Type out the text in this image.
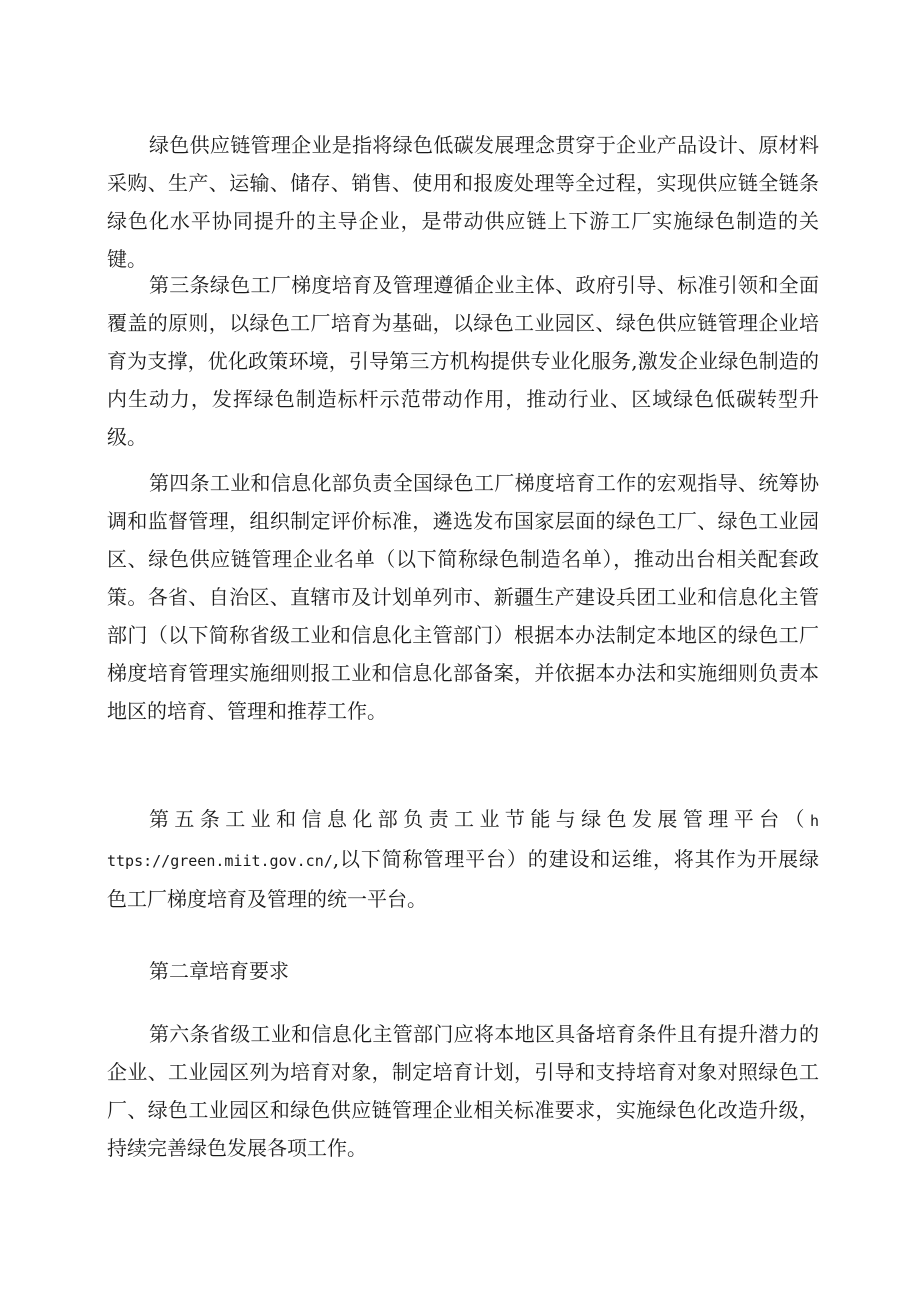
绿色供应链管理企业是指将绿色低碳发展理念贯穿于企业产品设计、原材料采购、生产、运输、储存、销售、使用和报废处理等全过程，实现供应链全链条绿色化水平协同提升的主导企业，是带动供应链上下游工厂实施绿色制造的关键。

第三条绿色工厂梯度培育及管理遵循企业主体、政府引导、标准引领和全面覆盖的原则，以绿色工厂培育为基础，以绿色工业园区、绿色供应链管理企业培育为支撑，优化政策环境，引导第三方机构提供专业化服务,激发企业绿色制造的内生动力，发挥绿色制造标杆示范带动作用，推动行业、区域绿色低碳转型升级。

第四条工业和信息化部负责全国绿色工厂梯度培育工作的宏观指导、统筹协调和监督管理，组织制定评价标准，遴选发布国家层面的绿色工厂、绿色工业园区、绿色供应链管理企业名单（以下简称绿色制造名单），推动出台相关配套政策。各省、自治区、直辖市及计划单列市、新疆生产建设兵团工业和信息化主管部门（以下简称省级工业和信息化主管部门）根据本办法制定本地区的绿色工厂梯度培育管理实施细则报工业和信息化部备案，并依据本办法和实施细则负责本地区的培育、管理和推荐工作。

第五条工业和信息化部负责工业节能与绿色发展管理平台（https://green.miit.gov.cn/,以下简称管理平台）的建设和运维，将其作为开展绿色工厂梯度培育及管理的统一平台。

第二章培育要求

第六条省级工业和信息化主管部门应将本地区具备培育条件且有提升潜力的企业、工业园区列为培育对象，制定培育计划，引导和支持培育对象对照绿色工厂、绿色工业园区和绿色供应链管理企业相关标准要求，实施绿色化改造升级，持续完善绿色发展各项工作。
